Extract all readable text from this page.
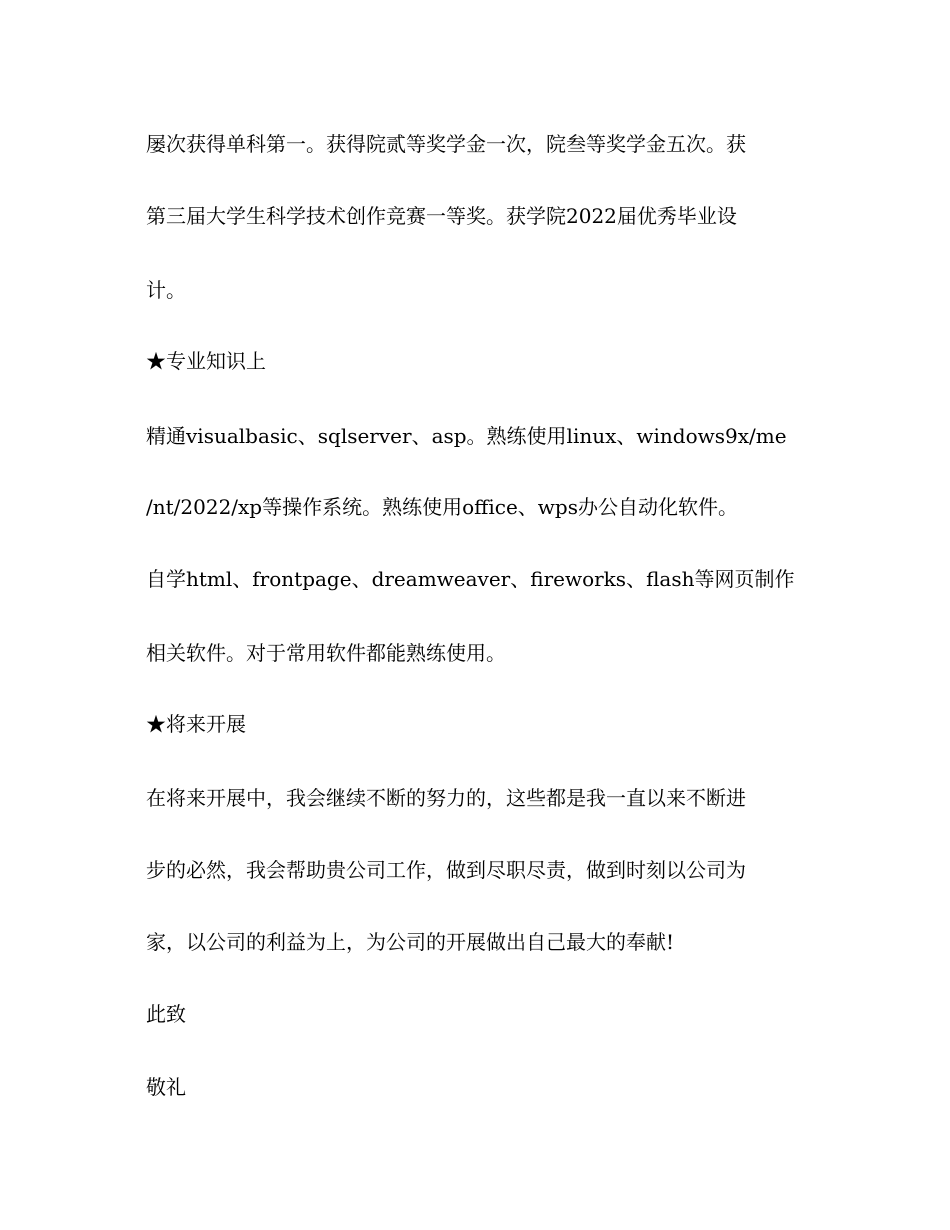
屡次获得单科第一。获得院贰等奖学金一次，院叁等奖学金五次。获
第三届大学生科学技术创作竞赛一等奖。获学院2022届优秀毕业设
计。
★专业知识上
精通visualbasic、sqlserver、asp。熟练使用linux、windows9x/me
/nt/2022/xp等操作系统。熟练使用office、wps办公自动化软件。
自学html、frontpage、dreamweaver、fireworks、flash等网页制作
相关软件。对于常用软件都能熟练使用。
★将来开展
在将来开展中，我会继续不断的努力的，这些都是我一直以来不断进
步的必然，我会帮助贵公司工作，做到尽职尽责，做到时刻以公司为
家，以公司的利益为上，为公司的开展做出自己最大的奉献!
此致
敬礼
